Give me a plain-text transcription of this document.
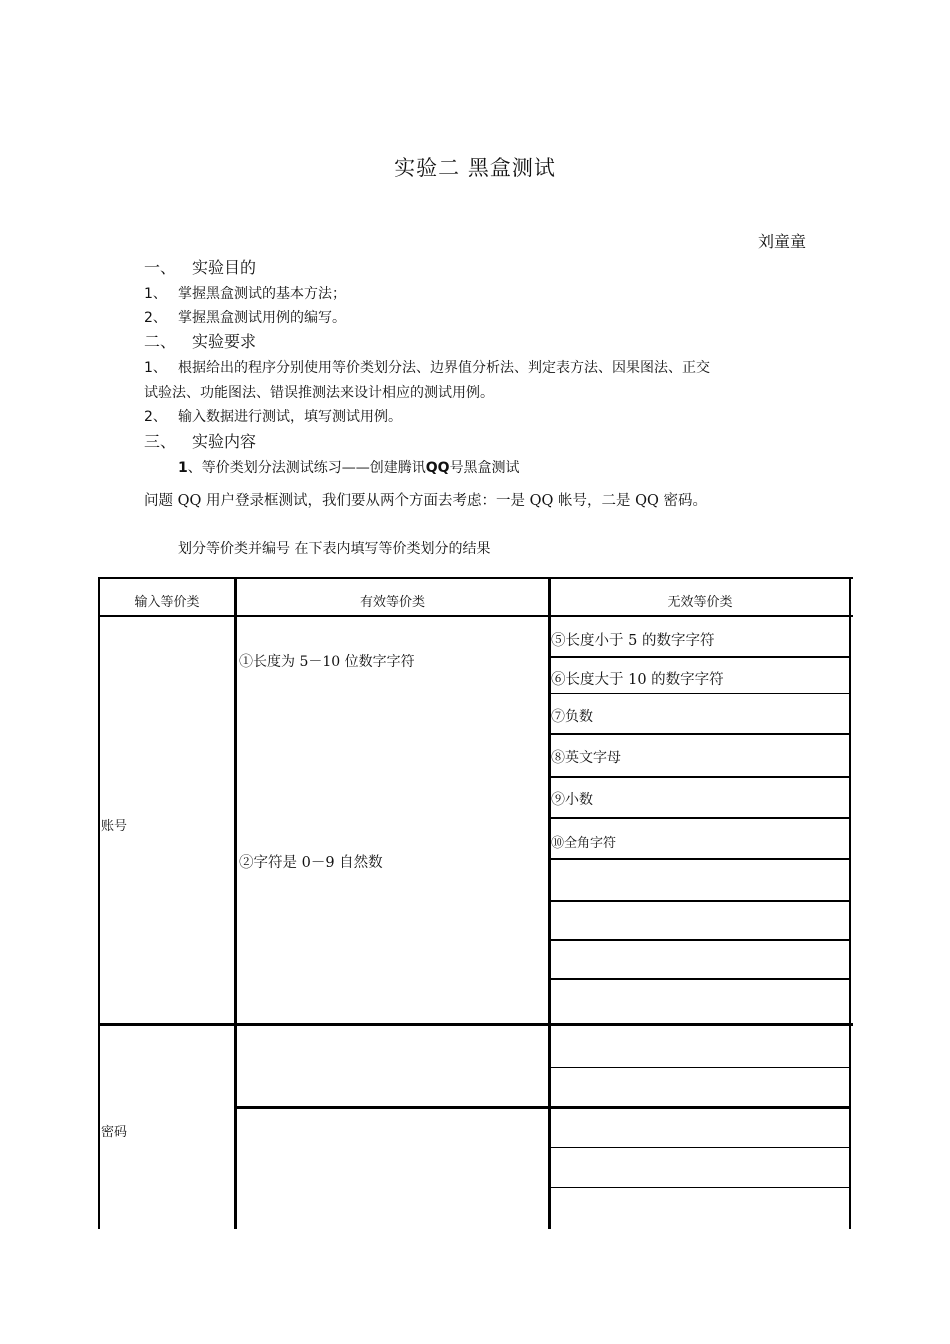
实验二 黑盒测试
刘童童
一、 实验目的
1、 掌握黑盒测试的基本方法；
2、 掌握黑盒测试用例的编写。
二、 实验要求
1、 根据给出的程序分别使用等价类划分法、边界值分析法、判定表方法、因果图法、正交
试验法、功能图法、错误推测法来设计相应的测试用例。
2、 输入数据进行测试，填写测试用例。
三、 实验内容
1、等价类划分法测试练习——创建腾讯QQ号黑盒测试
问题 QQ 用户登录框测试，我们要从两个方面去考虑：一是 QQ 帐号，二是 QQ 密码。
划分等价类并编号 在下表内填写等价类划分的结果
输入等价类	有效等价类	无效等价类
账号
密码
①长度为 5－10 位数字字符
②字符是 0－9 自然数
⑤长度小于 5 的数字字符
⑥长度大于 10 的数字字符
⑦负数
⑧英文字母
⑨小数
⑩全角字符
